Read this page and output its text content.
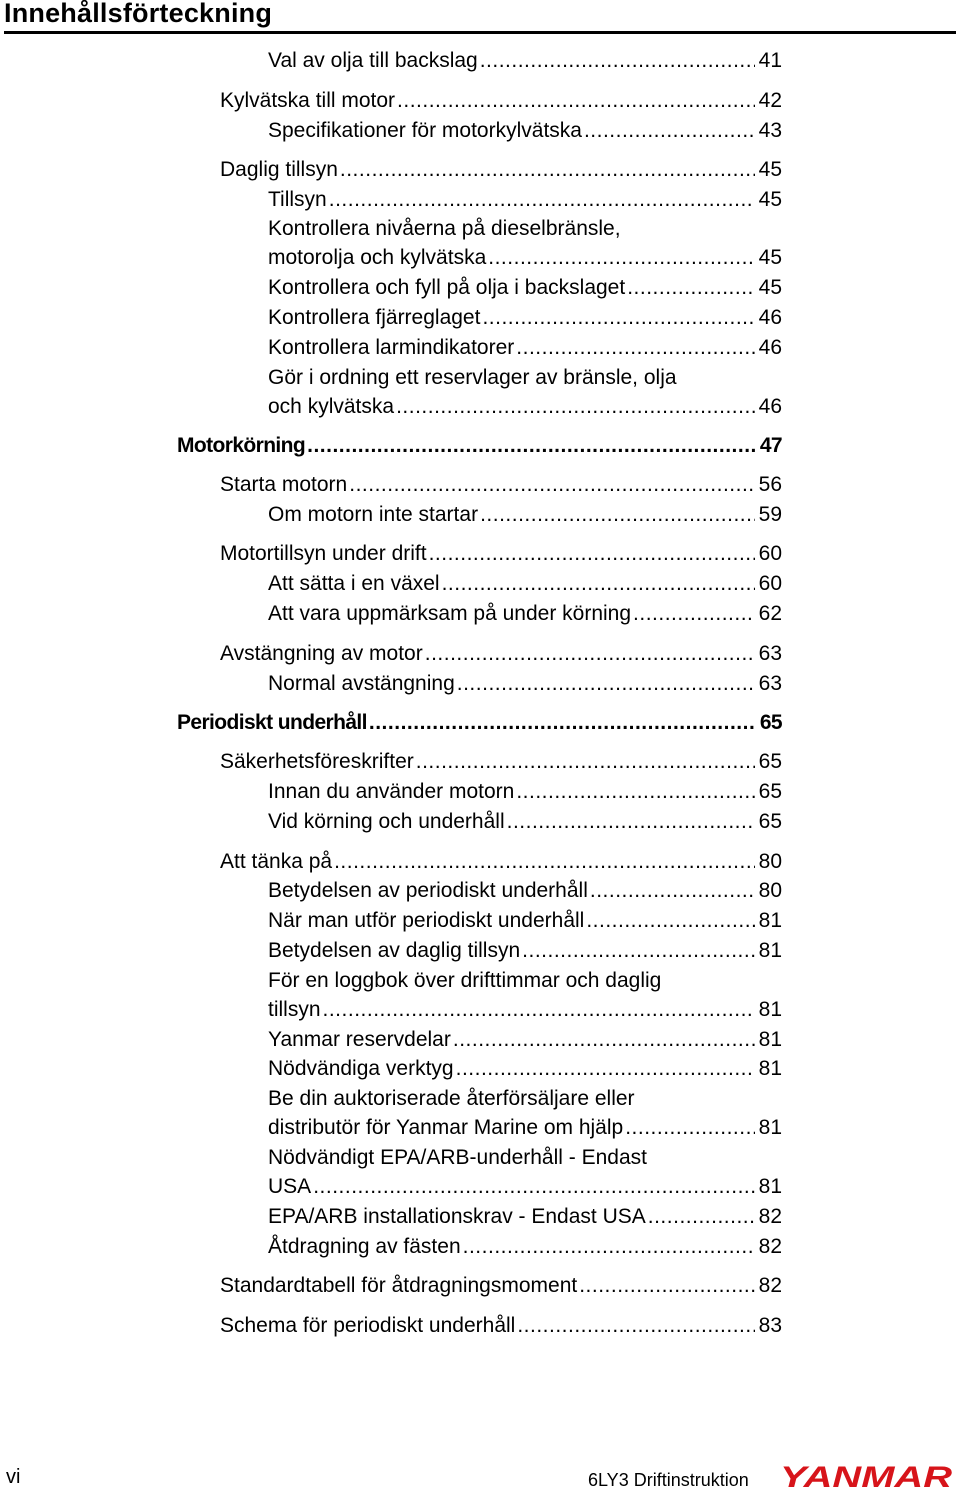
Innehållsförteckning
Val av olja till backslag .....	41
Kylvätska till motor .....	42
Specifikationer för motorkylvätska .....	43
Daglig tillsyn .....	45
Tillsyn .....	45
Kontrollera nivåerna på dieselbränsle,
motorolja och kylvätska .....	45
Kontrollera och fyll på olja i backslaget .....	45
Kontrollera fjärreglaget .....	46
Kontrollera larmindikatorer .....	46
Gör i ordning ett reservlager av bränsle, olja
och kylvätska .....	46
Motorkörning .....	47
Starta motorn .....	56
Om motorn inte startar .....	59
Motortillsyn under drift .....	60
Att sätta i en växel .....	60
Att vara uppmärksam på under körning .....	62
Avstängning av motor .....	63
Normal avstängning .....	63
Periodiskt underhåll .....	65
Säkerhetsföreskrifter .....	65
Innan du använder motorn .....	65
Vid körning och underhåll .....	65
Att tänka på .....	80
Betydelsen av periodiskt underhåll .....	80
När man utför periodiskt underhåll .....	81
Betydelsen av daglig tillsyn .....	81
För en loggbok över drifttimmar och daglig
tillsyn .....	81
Yanmar reservdelar .....	81
Nödvändiga verktyg .....	81
Be din auktoriserade återförsäljare eller
distributör för Yanmar Marine om hjälp .....	81
Nödvändigt EPA/ARB-underhåll - Endast
USA .....	81
EPA/ARB installationskrav - Endast USA .....	82
Åtdragning av fästen .....	82
Standardtabell för åtdragningsmoment .....	82
Schema för periodiskt underhåll .....	83
vi	6LY3 Driftinstruktion YANMAR
